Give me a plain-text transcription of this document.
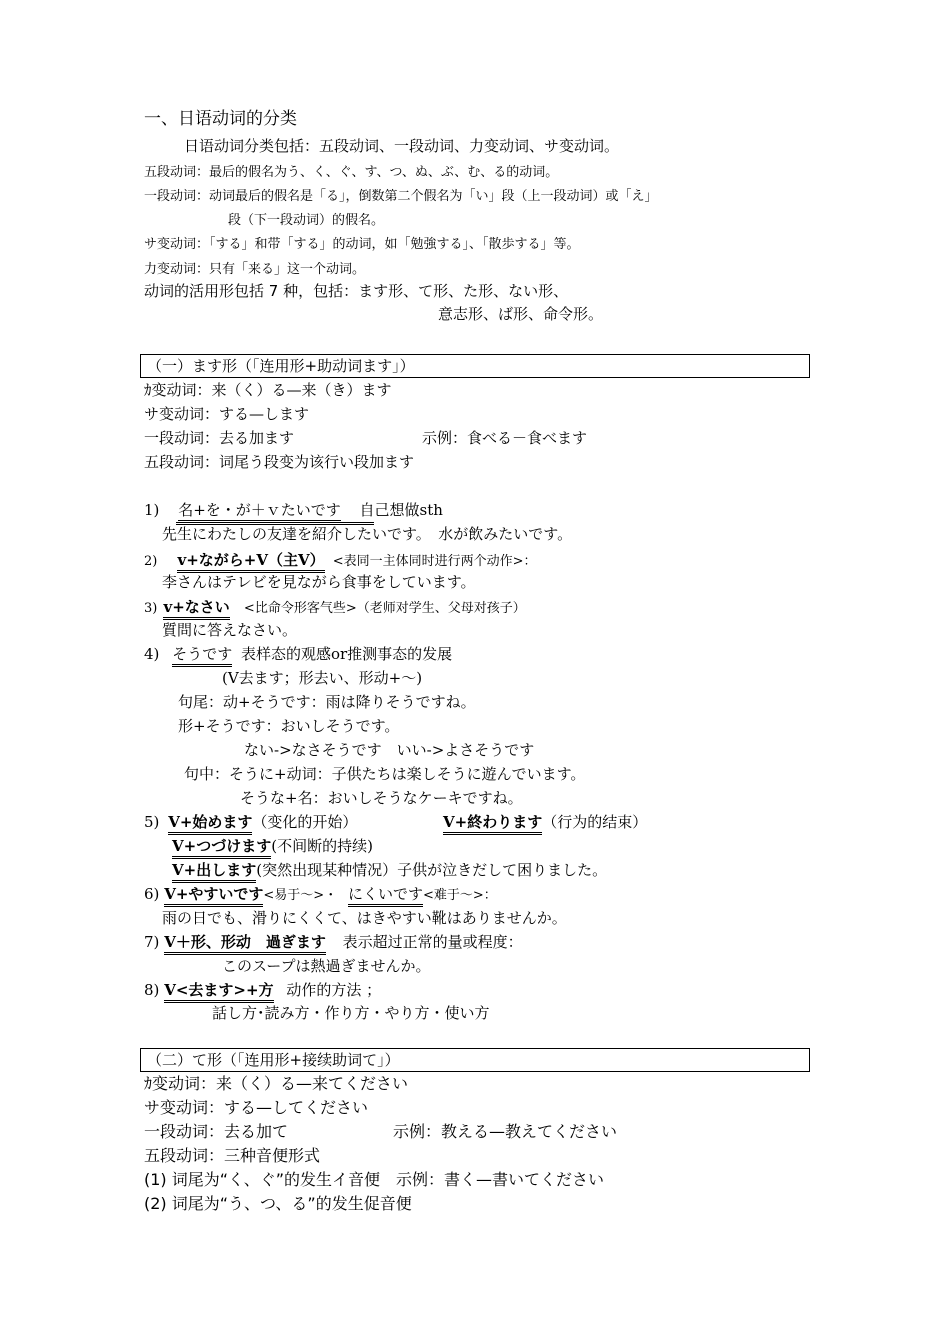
一、日语动词的分类
日语动词分类包括：五段动词、一段动词、力变动词、サ变动词。
五段动词：最后的假名为う、く、ぐ、す、つ、ぬ、ぶ、む、る的动词。
一段动词：动词最后的假名是「る」，倒数第二个假名为「い」段（上一段动词）或「え」
段（下一段动词）的假名。
サ变动词：「する」和带「する」的动词，如「勉強する」、「散歩する」等。
力变动词：只有「来る」这一个动词。
动词的活用形包括 7 种，包括：ます形、て形、た形、ない形、
意志形、ば形、命令形。
（一）ます形（「连用形+助动词ます」）
ｶ变动词：来（く）る—来（き）ます
サ变动词：する—します
一段动词：去る加ます	示例：食べる－食べます
五段动词：词尾う段变为该行い段加ます
1) 名+を・が＋ｖたいです 自己想做sth
先生にわたしの友達を紹介したいです。　水が飲みたいです。
2) v+ながら+V（主V） <表同一主体同时进行两个动作>：
李さんはテレビを見ながら食事をしています。
3) v+なさい <比命令形客气些>（老师对学生、父母对孩子）
質問に答えなさい。
4) そうです 表样态的观感or推测事态的发展
(V去ます；形去い、形动+～)
句尾：动+そうです：雨は降りそうですね。
形+そうです：おいしそうです。
ない->なさそうです　いい->よさそうです
句中：そうに+动词：子供たちは楽しそうに遊んでいます。
そうな+名：おいしそうなケーキですね。
5) V+始めます（变化的开始）	V+終わります（行为的结束）
V+つづけます(不间断的持续)
V+出します(突然出现某种情况）子供が泣きだして困りました。
6) V+やすいです<易于～>・ にくいです<难于～>：
雨の日でも、滑りにくくて、はきやすい靴はありませんか。
7) V＋形、形动　過ぎます 表示超过正常的量或程度：
このスープは熱過ぎませんか。
8) V<去ます>+方 动作的方法 ；
話し方･読み方・作り方・やり方・使い方
（二）て形（「连用形+接续助词て」）
ｶ变动词：来（く）る—来てください
サ变动词：する—してください
一段动词：去る加て	示例：教える—教えてください
五段动词：三种音便形式
(1) 词尾为“く、ぐ”的发生イ音便　示例：書く—書いてください
(2) 词尾为“う、つ、る”的发生促音便
